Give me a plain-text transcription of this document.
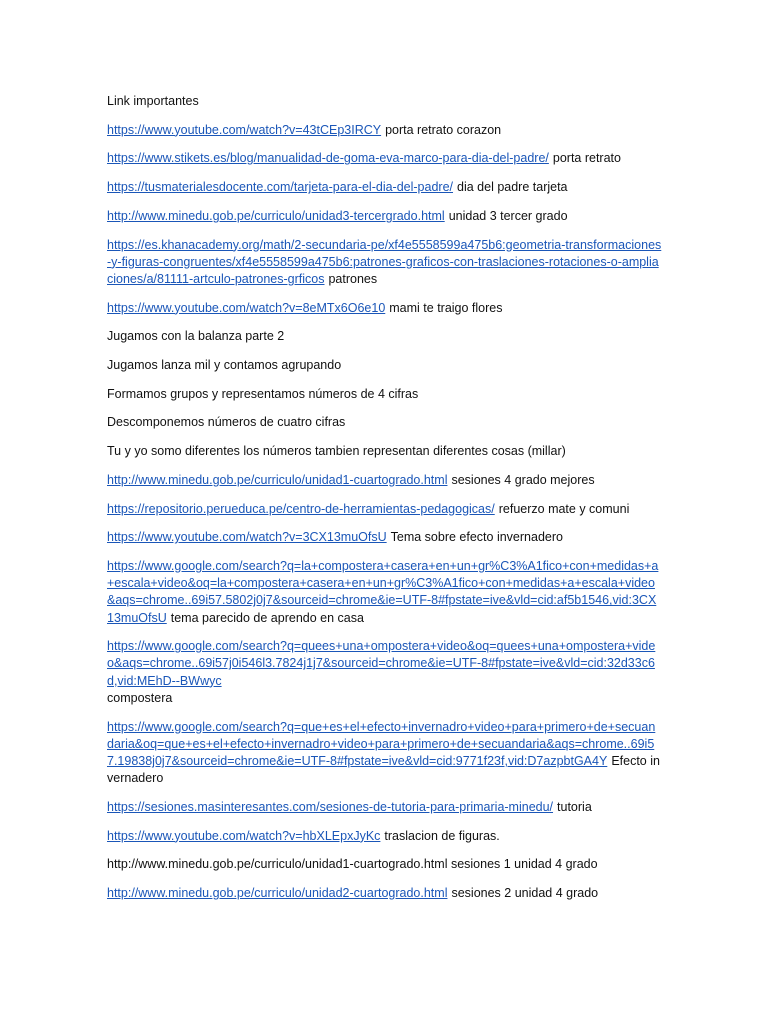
Link importantes

https://www.youtube.com/watch?v=43tCEp3IRCY porta retrato corazon

https://www.stikets.es/blog/manualidad-de-goma-eva-marco-para-dia-del-padre/ porta retrato

https://tusmaterialesdocente.com/tarjeta-para-el-dia-del-padre/ dia del padre tarjeta

http://www.minedu.gob.pe/curriculo/unidad3-tercergrado.html unidad 3 tercer grado

https://es.khanacademy.org/math/2-secundaria-pe/xf4e5558599a475b6:geometria-transformaciones-y-figuras-congruentes/xf4e5558599a475b6:patrones-graficos-con-traslaciones-rotaciones-o-ampliaciones/a/81111-artculo-patrones-grficos patrones

https://www.youtube.com/watch?v=8eMTx6O6e10 mami te traigo flores

Jugamos con la balanza parte 2

Jugamos lanza mil y contamos agrupando

Formamos grupos y representamos números de 4 cifras

Descomponemos números de cuatro cifras

Tu y yo somo diferentes los números tambien representan diferentes cosas (millar)

http://www.minedu.gob.pe/curriculo/unidad1-cuartogrado.html sesiones 4 grado mejores

https://repositorio.perueduca.pe/centro-de-herramientas-pedagogicas/ refuerzo mate y comuni

https://www.youtube.com/watch?v=3CX13muOfsU Tema sobre efecto invernadero

https://www.google.com/search?q=la+compostera+casera+en+un+gr%C3%A1fico+con+medidas+a+escala+video&oq=la+compostera+casera+en+un+gr%C3%A1fico+con+medidas+a+escala+video&aqs=chrome..69i57.5802j0j7&sourceid=chrome&ie=UTF-8#fpstate=ive&vld=cid:af5b1546,vid:3CX13muOfsU tema parecido de aprendo en casa

https://www.google.com/search?q=quees+una+ompostera+video&oq=quees+una+ompostera+video&aqs=chrome..69i57j0i546l3.7824j1j7&sourceid=chrome&ie=UTF-8#fpstate=ive&vld=cid:32d33c6d,vid:MEhD--BWwyc
compostera

https://www.google.com/search?q=que+es+el+efecto+invernadro+video+para+primero+de+secuandaria&oq=que+es+el+efecto+invernadro+video+para+primero+de+secuandaria&aqs=chrome..69i57.19838j0j7&sourceid=chrome&ie=UTF-8#fpstate=ive&vld=cid:9771f23f,vid:D7azpbtGA4Y Efecto invernadero

https://sesiones.masinteresantes.com/sesiones-de-tutoria-para-primaria-minedu/ tutoria

https://www.youtube.com/watch?v=hbXLEpxJyKc traslacion de figuras.

http://www.minedu.gob.pe/curriculo/unidad1-cuartogrado.html sesiones 1 unidad 4 grado

http://www.minedu.gob.pe/curriculo/unidad2-cuartogrado.html sesiones 2 unidad 4 grado
